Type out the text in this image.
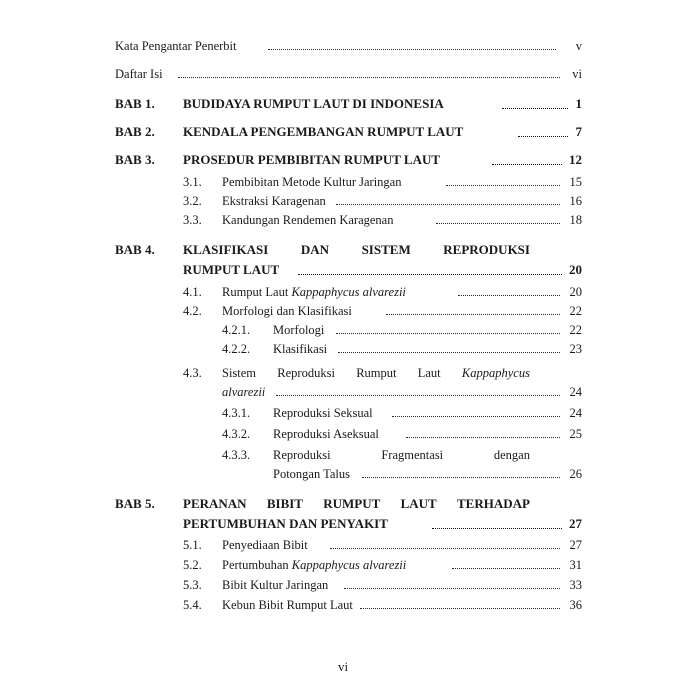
Kata Pengantar Penerbit	v
Daftar Isi	vi
BAB 1. BUDIDAYA RUMPUT LAUT DI INDONESIA	1
BAB 2. KENDALA PENGEMBANGAN RUMPUT LAUT	7
BAB 3. PROSEDUR PEMBIBITAN RUMPUT LAUT	12
3.1. Pembibitan Metode Kultur Jaringan	15
3.2. Ekstraksi Karagenan	16
3.3. Kandungan Rendemen Karagenan	18
BAB 4. KLASIFIKASI	DAN	SISTEM	REPRODUKSI
RUMPUT LAUT	20
4.1. Rumput Laut Kappaphycus alvarezii	20
4.2. Morfologi dan Klasifikasi	22
4.2.1. Morfologi	22
4.2.2. Klasifikasi	23
4.3. Sistem Reproduksi Rumput Laut Kappaphycus
alvarezii	24
4.3.1. Reproduksi Seksual	24
4.3.2. Reproduksi Aseksual	25
4.3.3. Reproduksi	Fragmentasi	dengan
Potongan Talus	26
BAB 5. PERANAN BIBIT RUMPUT LAUT TERHADAP
PERTUMBUHAN DAN PENYAKIT	27
5.1. Penyediaan Bibit	27
5.2. Pertumbuhan Kappaphycus alvarezii	31
5.3. Bibit Kultur Jaringan	33
5.4. Kebun Bibit Rumput Laut	36
vi
